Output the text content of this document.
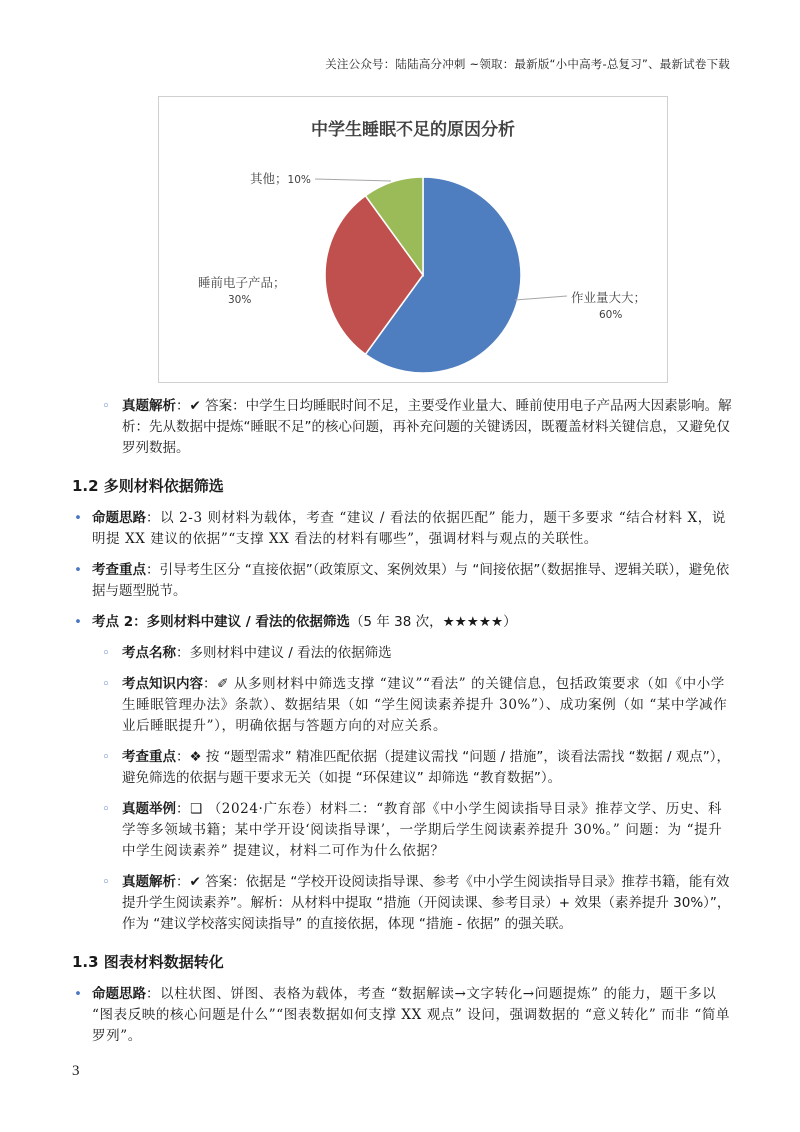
关注公众号：陆陆高分冲刺 ~领取：最新版“小中高考-总复习”、最新试卷下载
中学生睡眠不足的原因分析
作业量大大； 60%
睡前电子产品； 30%
其他；10%
◦ 真题解析：✔ 答案：中学生日均睡眠时间不足，主要受作业量大、睡前使用电子产品两大因素影响。解析：先从数据中提炼“睡眠不足”的核心问题，再补充问题的关键诱因，既覆盖材料关键信息，又避免仅罗列数据。
1.2 多则材料依据筛选
• 命题思路：以 2-3 则材料为载体，考查 “建议 / 看法的依据匹配” 能力，题干多要求 “结合材料 X，说明提 XX 建议的依据”“支撑 XX 看法的材料有哪些”，强调材料与观点的关联性。
• 考查重点：引导考生区分 “直接依据”（政策原文、案例效果）与 “间接依据”（数据推导、逻辑关联），避免依据与题型脱节。
• 考点 2：多则材料中建议 / 看法的依据筛选（5 年 38 次，★★★★★）
◦ 考点名称：多则材料中建议 / 看法的依据筛选
◦ 考点知识内容：✐ 从多则材料中筛选支撑 “建议”“看法” 的关键信息，包括政策要求（如《中小学生睡眠管理办法》条款）、数据结果（如 “学生阅读素养提升 30%”）、成功案例（如 “某中学减作业后睡眠提升”），明确依据与答题方向的对应关系。
◦ 考查重点：❖ 按 “题型需求” 精准匹配依据（提建议需找 “问题 / 措施”，谈看法需找 “数据 / 观点”），避免筛选的依据与题干要求无关（如提 “环保建议” 却筛选 “教育数据”）。
◦ 真题举例：❑ （2024·广东卷）材料二：“教育部《中小学生阅读指导目录》推荐文学、历史、科学等多领域书籍；某中学开设‘阅读指导课’，一学期后学生阅读素养提升 30%。” 问题：为 “提升中学生阅读素养” 提建议，材料二可作为什么依据？
◦ 真题解析：✔ 答案：依据是 “学校开设阅读指导课、参考《中小学生阅读指导目录》推荐书籍，能有效提升学生阅读素养”。解析：从材料中提取 “措施（开阅读课、参考目录）+ 效果（素养提升 30%）”，作为 “建议学校落实阅读指导” 的直接依据，体现 “措施 - 依据” 的强关联。
1.3 图表材料数据转化
• 命题思路：以柱状图、饼图、表格为载体，考查 “数据解读→文字转化→问题提炼” 的能力，题干多以 “图表反映的核心问题是什么”“图表数据如何支撑 XX 观点” 设问，强调数据的 “意义转化” 而非 “简单罗列”。
3
